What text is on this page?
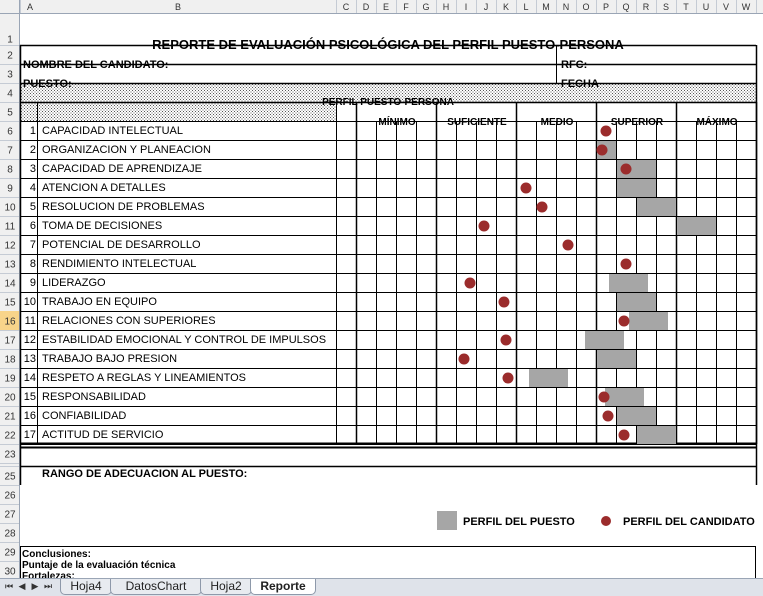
A	B	C D E F G H I J K L M N O P Q R S T U V W
1
2
3
4
5
6
7
8
9
10
11
12
13
14
15
16
17
18
19
20
21
22
23
25
26
27
28
29
30
REPORTE DE EVALUACIÓN PSICOLÓGICA DEL PERFIL PUESTO-PERSONA
NOMBRE DEL CANDIDATO:	RFC:
PUESTO:	FECHA
PERFIL PUESTO-PERSONA
MÍNIMO	SUFICIENTE	MEDIO	SUPERIOR	MÁXIMO
RANGO DE ADECUACION AL PUESTO:
PERFIL DEL PUESTO	PERFIL DEL CANDIDATO
Conclusiones:
Puntaje de la evaluación técnica
Fortalezas:
1 CAPACIDAD INTELECTUAL
2 ORGANIZACION Y PLANEACION
3 CAPACIDAD DE APRENDIZAJE
4 ATENCION A DETALLES
5 RESOLUCION DE PROBLEMAS
6 TOMA DE DECISIONES
7 POTENCIAL DE DESARROLLO
8 RENDIMIENTO INTELECTUAL
9 LIDERAZGO
10 TRABAJO EN EQUIPO
11 RELACIONES CON SUPERIORES
12 ESTABILIDAD EMOCIONAL Y CONTROL DE IMPULSOS
13 TRABAJO BAJO PRESION
14 RESPETO A REGLAS Y LINEAMIENTOS
15 RESPONSABILIDAD
16 CONFIABILIDAD
17 ACTITUD DE SERVICIO
⏮ ◀ ▶ ⏭	Hoja4	DatosChart	Hoja2	Reporte
